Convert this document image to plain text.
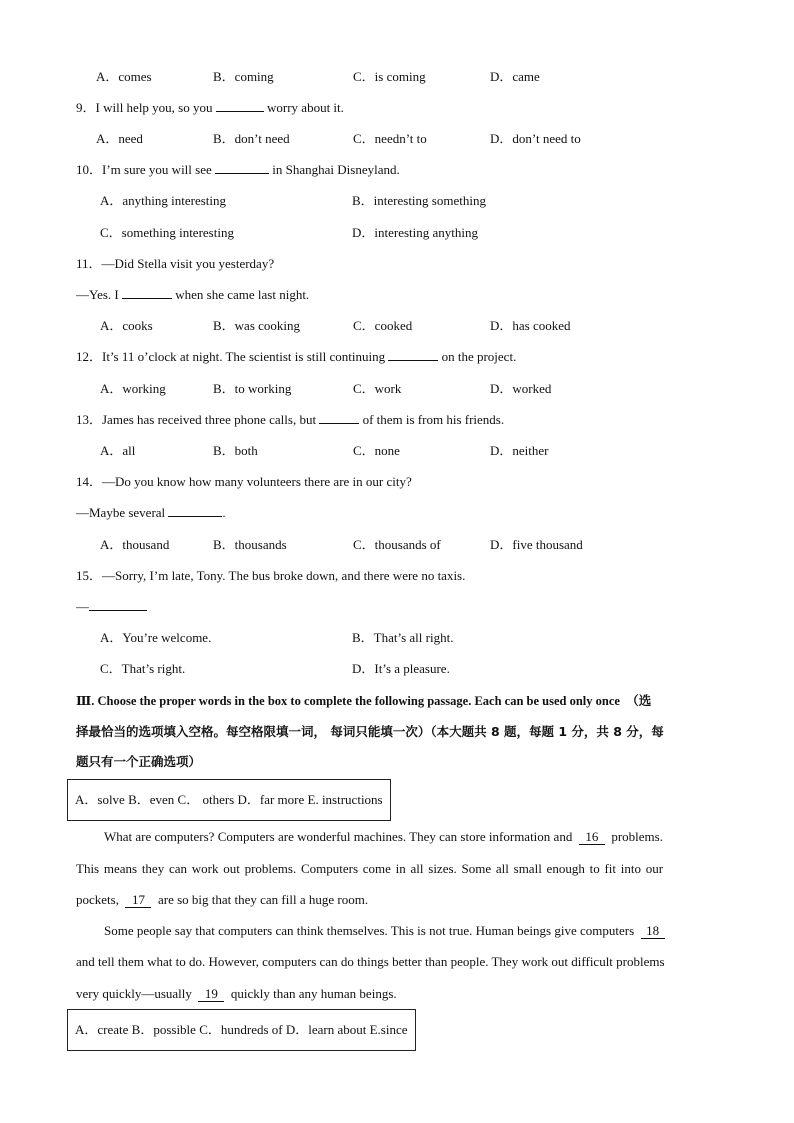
A．comes	B．coming	C．is coming	D．came
9．I will help you, so you	worry about it.
A．need	B．don’t need	C．needn’t to	D．don’t need to
10．I’m sure you will see	in Shanghai Disneyland.
A．anything interesting	B．interesting something
C．something interesting	D．interesting anything
11．—Did Stella visit you yesterday?
—Yes. I	when she came last night.
A．cooks	B．was cooking	C．cooked	D．has cooked
12．It’s 11 o’clock at night. The scientist is still continuing	on the project.
A．working	B．to working	C．work	D．worked
13．James has received three phone calls, but	of them is from his friends.
A．all	B．both	C．none	D．neither
14．—Do you know how many volunteers there are in our city?
—Maybe several	.
A．thousand	B．thousands	C．thousands of	D．five thousand
15．—Sorry, I’m late, Tony. The bus broke down, and there were no taxis.
—
A．You’re welcome.	B．That’s all right.
C．That’s right.	D．It’s a pleasure.
Ⅲ. Choose the proper words in the box to complete the following passage. Each can be used only once （选
择最恰当的选项填入空格。每空格限填一词， 每词只能填一次）（本大题共 8 题，每题 1 分，共 8 分，每
题只有一个正确选项）
A．solve B．even C． others D．far more E. instructions
What are computers? Computers are wonderful machines. They can store information and 16 problems.
This means they can work out problems. Computers come in all sizes. Some all small enough to fit into our
pockets, 17 are so big that they can fill a huge room.
Some people say that computers can think themselves. This is not true. Human beings give computers 18
and tell them what to do. However, computers can do things better than people. They work out difficult problems
very quickly—usually 19 quickly than any human beings.
A．create B．possible C．hundreds of D．learn about E.since
